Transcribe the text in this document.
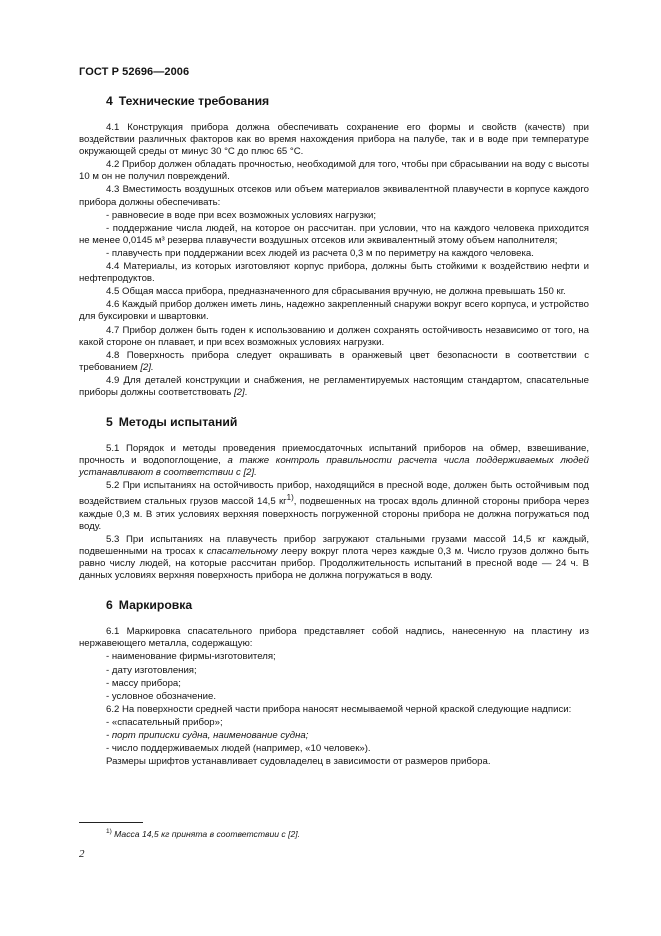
ГОСТ Р 52696—2006
4 Технические требования

4.1 Конструкция прибора должна обеспечивать сохранение его формы и свойств (качеств) при воздействии различных факторов как во время нахождения прибора на палубе, так и в воде при температуре окружающей среды от минус 30 °С до плюс 65 °С.

4.2 Прибор должен обладать прочностью, необходимой для того, чтобы при сбрасывании на воду с высоты 10 м он не получил повреждений.

4.3 Вместимость воздушных отсеков или объем материалов эквивалентной плавучести в корпусе каждого прибора должны обеспечивать:

- равновесие в воде при всех возможных условиях нагрузки;

- поддержание числа людей, на которое он рассчитан. при условии, что на каждого человека приходится не менее 0,0145 м³ резерва плавучести воздушных отсеков или эквивалентный этому объем наполнителя;

- плавучесть при поддержании всех людей из расчета 0,3 м по периметру на каждого человека.

4.4 Материалы, из которых изготовляют корпус прибора, должны быть стойкими к воздействию нефти и нефтепродуктов.

4.5 Общая масса прибора, предназначенного для сбрасывания вручную, не должна превышать 150 кг.

4.6 Каждый прибор должен иметь линь, надежно закрепленный снаружи вокруг всего корпуса, и устройство для буксировки и швартовки.

4.7 Прибор должен быть годен к использованию и должен сохранять остойчивость независимо от того, на какой стороне он плавает, и при всех возможных условиях нагрузки.

4.8 Поверхность прибора следует окрашивать в оранжевый цвет безопасности в соответствии с требованием [2].

4.9 Для деталей конструкции и снабжения, не регламентируемых настоящим стандартом, спасательные приборы должны соответствовать [2].

5 Методы испытаний

5.1 Порядок и методы проведения приемосдаточных испытаний приборов на обмер, взвешивание, прочность и водопоглощение, а также контроль правильности расчета числа поддерживаемых людей устанавливают в соответствии с [2].

5.2 При испытаниях на остойчивость прибор, находящийся в пресной воде, должен быть остойчивым под воздействием стальных грузов массой 14,5 $кг^{1)}$, подвешенных на тросах вдоль длинной стороны прибора через каждые 0,3 м. В этих условиях верхняя поверхность погруженной стороны прибора не должна погружаться под воду.

5.3 При испытаниях на плавучесть прибор загружают стальными грузами массой 14,5 кг каждый, подвешенными на тросах к спасательному лееру вокруг плота через каждые 0,3 м. Число грузов должно быть равно числу людей, на которые рассчитан прибор. Продолжительность испытаний в пресной воде — 24 ч. В данных условиях верхняя поверхность прибора не должна погружаться в воду.

6 Маркировка

6.1 Маркировка спасательного прибора представляет собой надпись, нанесенную на пластину из нержавеющего металла, содержащую:

- наименование фирмы-изготовителя;

- дату изготовления;

- массу прибора;

- условное обозначение.

6.2 На поверхности средней части прибора наносят несмываемой черной краской следующие надписи:

- «спасательный прибор»;

- порт приписки судна, наименование судна;

- число поддерживаемых людей (например, «10 человек»).

Размеры шрифтов устанавливает судовладелец в зависимости от размеров прибора.

$^{1)}$ Масса 14,5 кг принята в соответствии с [2].
2
